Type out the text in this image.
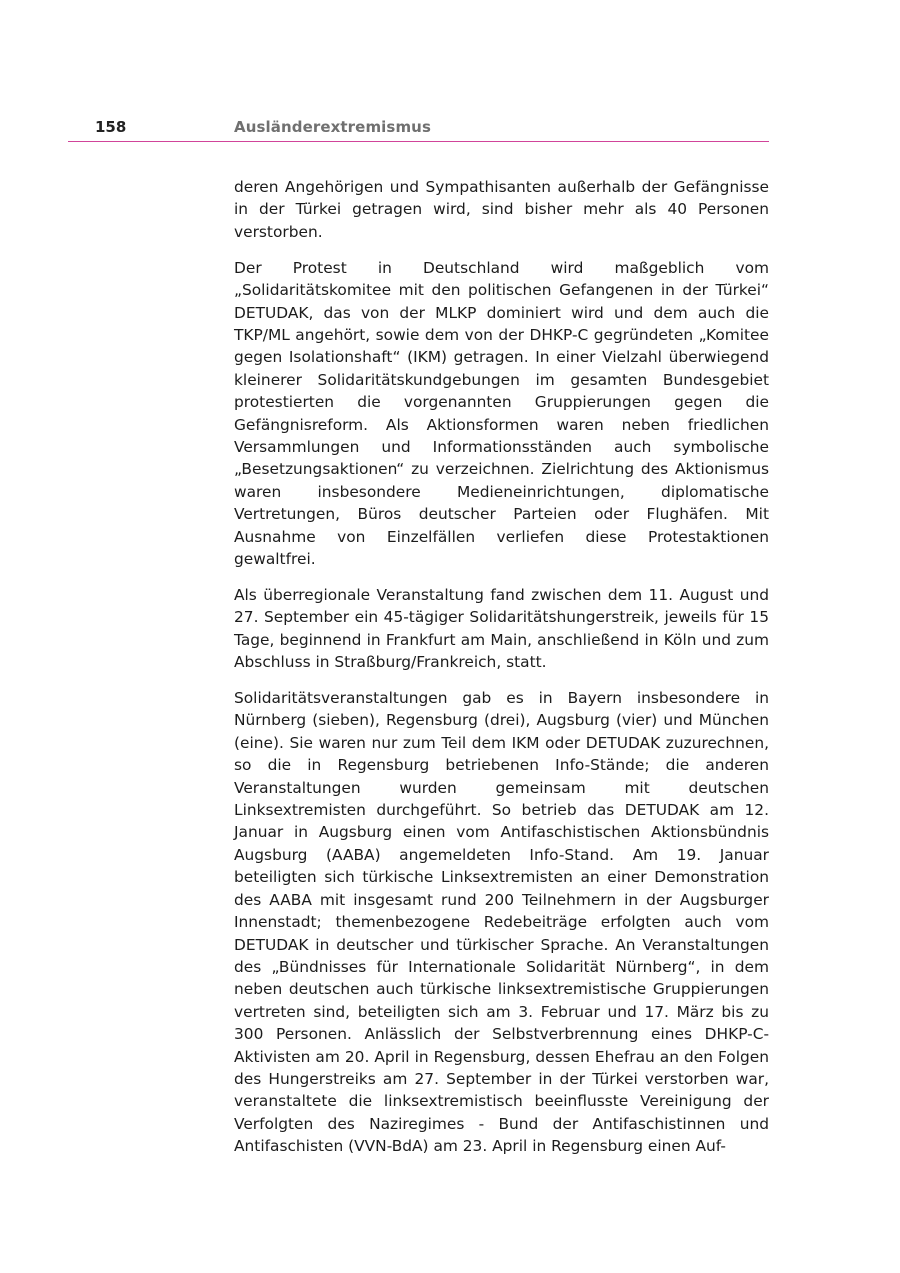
158	Ausländerextremismus

deren Angehörigen und Sympathisanten außerhalb der Gefängnisse in der Türkei getragen wird, sind bisher mehr als 40 Personen verstorben.

Der Protest in Deutschland wird maßgeblich vom „Solidaritätskomitee mit den politischen Gefangenen in der Türkei“ DETUDAK, das von der MLKP dominiert wird und dem auch die TKP/ML angehört, sowie dem von der DHKP-C gegründeten „Komitee gegen Isolationshaft“ (IKM) getragen. In einer Vielzahl überwiegend kleinerer Solidaritätskundgebungen im gesamten Bundesgebiet protestierten die vorgenannten Gruppierungen gegen die Gefängnisreform. Als Aktionsformen waren neben friedlichen Versammlungen und Informationsständen auch symbolische „Besetzungsaktionen“ zu verzeichnen. Zielrichtung des Aktionismus waren insbesondere Medieneinrichtungen, diplomatische Vertretungen, Büros deutscher Parteien oder Flughäfen. Mit Ausnahme von Einzelfällen verliefen diese Protestaktionen gewaltfrei.

Als überregionale Veranstaltung fand zwischen dem 11. August und 27. September ein 45-tägiger Solidaritätshungerstreik, jeweils für 15 Tage, beginnend in Frankfurt am Main, anschließend in Köln und zum Abschluss in Straßburg/Frankreich, statt.

Solidaritätsveranstaltungen gab es in Bayern insbesondere in Nürnberg (sieben), Regensburg (drei), Augsburg (vier) und München (eine). Sie waren nur zum Teil dem IKM oder DETUDAK zuzurechnen, so die in Regensburg betriebenen Info-Stände; die anderen Veranstaltungen wurden gemeinsam mit deutschen Linksextremisten durchgeführt. So betrieb das DETUDAK am 12. Januar in Augsburg einen vom Antifaschistischen Aktionsbündnis Augsburg (AABA) angemeldeten Info-Stand. Am 19. Januar beteiligten sich türkische Linksextremisten an einer Demonstration des AABA mit insgesamt rund 200 Teilnehmern in der Augsburger Innenstadt; themenbezogene Redebeiträge erfolgten auch vom DETUDAK in deutscher und türkischer Sprache. An Veranstaltungen des „Bündnisses für Internationale Solidarität Nürnberg“, in dem neben deutschen auch türkische linksextremistische Gruppierungen vertreten sind, beteiligten sich am 3. Februar und 17. März bis zu 300 Personen. Anlässlich der Selbstverbrennung eines DHKP-C-Aktivisten am 20. April in Regensburg, dessen Ehefrau an den Folgen des Hungerstreiks am 27. September in der Türkei verstorben war, veranstaltete die linksextremistisch beeinflusste Vereinigung der Verfolgten des Naziregimes - Bund der Antifaschistinnen und Antifaschisten (VVN-BdA) am 23. April in Regensburg einen Auf-
